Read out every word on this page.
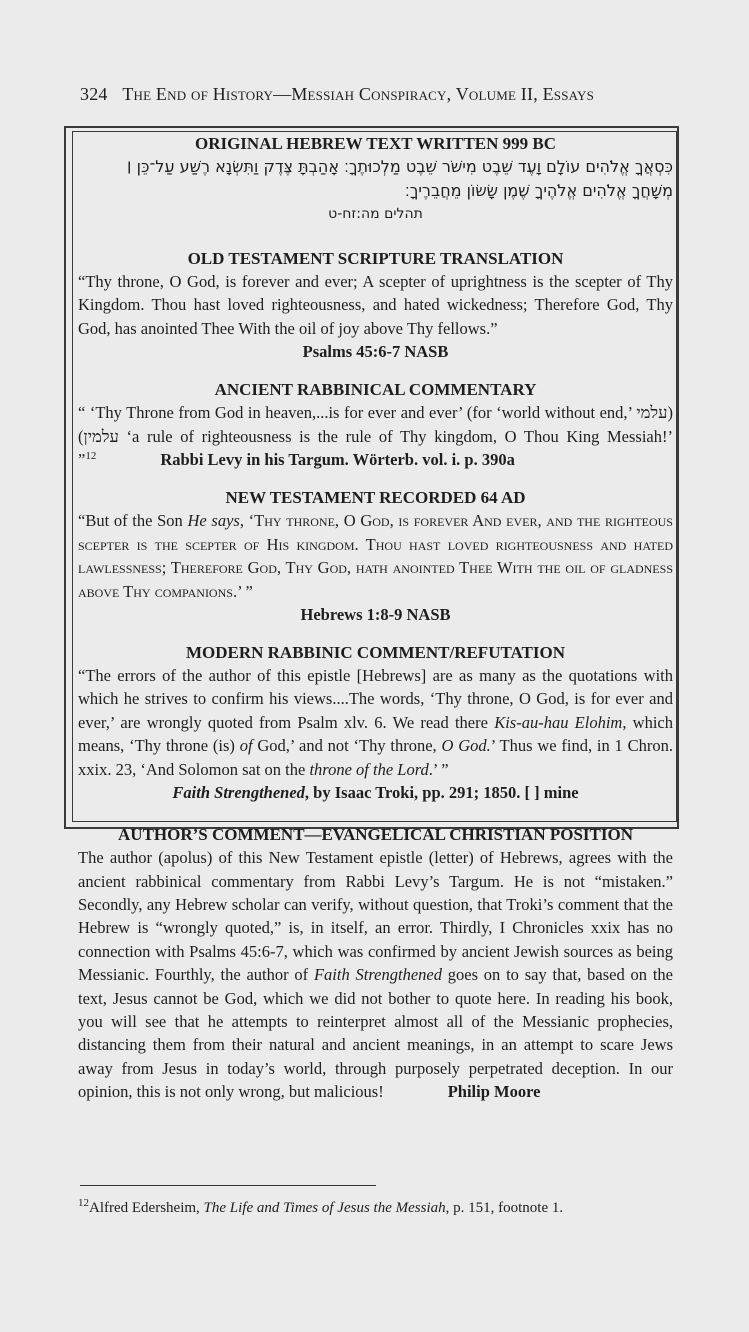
324 The End of History—Messiah Conspiracy, Volume II, Essays
ORIGINAL HEBREW TEXT WRITTEN 999 BC
כִּסְאֲךָ אֱלֹהִים עוֹלָם וָעֶד שֵׁבֶט מִישֹׁר שֵׁבֶט מַלְכוּתֶךָ׃ אָהַבְתָּ צֶּדֶק וַתִּשְׂנָא רֶשַׁע עַל־כֵּן ׀
מְשָׁחֲךָ אֱלֹהִים אֱלֹהֶיךָ שֶׁמֶן שָׂשׂוֹן מֵחֲבֵרֶיךָ׃
תהלים מה:זח-ט
OLD TESTAMENT SCRIPTURE TRANSLATION
“Thy throne, O God, is forever and ever; A scepter of uprightness is the scepter of Thy Kingdom. Thou hast loved righteousness, and hated wickedness; Therefore God, Thy God, has anointed Thee With the oil of joy above Thy fellows.”
Psalms 45:6-7 NASB
ANCIENT RABBINICAL COMMENTARY
“ ‘Thy Throne from God in heaven,...is for ever and ever’ (for ‘world without end,’ (עלמי עלמין) ‘a rule of righteousness is the rule of Thy kingdom, O Thou King Messiah!’ ”$^{12}$	Rabbi Levy in his Targum. Wörterb. vol. i. p. 390a
NEW TESTAMENT RECORDED 64 AD
“But of the Son He says, ‘Thy throne, O God, is forever And ever, and the righteous scepter is the scepter of His kingdom. Thou hast loved righteousness and hated lawlessness; Therefore God, Thy God, hath anointed Thee With the oil of gladness above Thy companions.’ ”
Hebrews 1:8-9 NASB
MODERN RABBINIC COMMENT/REFUTATION
“The errors of the author of this epistle [Hebrews] are as many as the quotations with which he strives to confirm his views....The words, ‘Thy throne, O God, is for ever and ever,’ are wrongly quoted from Psalm xlv. 6. We read there Kis-au-hau Elohim, which means, ‘Thy throne (is) of God,’ and not ‘Thy throne, O God.’ Thus we find, in 1 Chron. xxix. 23, ‘And Solomon sat on the throne of the Lord.’ ”
Faith Strengthened, by Isaac Troki, pp. 291; 1850. [ ] mine
AUTHOR’S COMMENT—EVANGELICAL CHRISTIAN POSITION
The author (apolus) of this New Testament epistle (letter) of Hebrews, agrees with the ancient rabbinical commentary from Rabbi Levy’s Targum. He is not “mistaken.” Secondly, any Hebrew scholar can verify, without question, that Troki’s comment that the Hebrew is “wrongly quoted,” is, in itself, an error. Thirdly, I Chronicles xxix has no connection with Psalms 45:6-7, which was confirmed by ancient Jewish sources as being Messianic. Fourthly, the author of Faith Strengthened goes on to say that, based on the text, Jesus cannot be God, which we did not bother to quote here. In reading his book, you will see that he attempts to reinterpret almost all of the Messianic prophecies, distancing them from their natural and ancient meanings, in an attempt to scare Jews away from Jesus in today’s world, through purposely perpetrated deception. In our opinion, this is not only wrong, but malicious!	Philip Moore
$^{12}$Alfred Edersheim, The Life and Times of Jesus the Messiah, p. 151, footnote 1.
